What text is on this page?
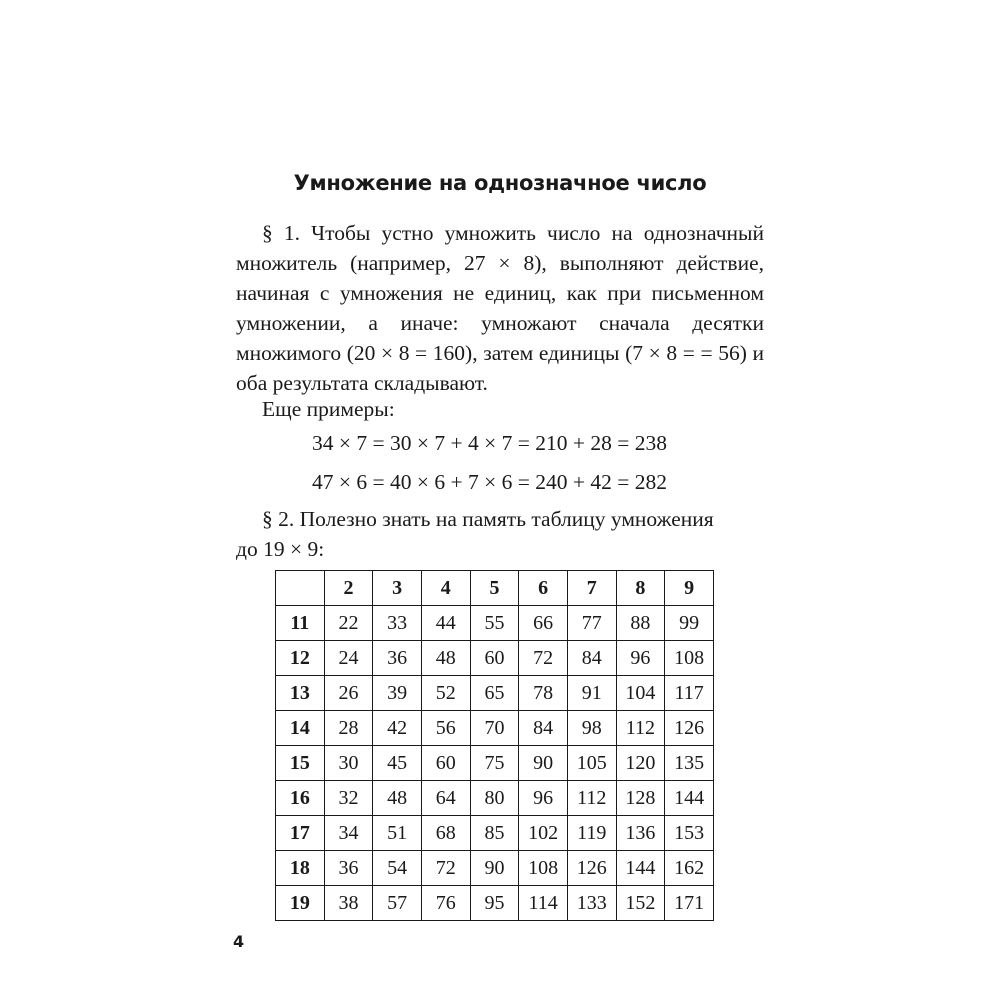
Умножение на однозначное число
§ 1. Чтобы устно умножить число на однозначный множитель (например, 27 × 8), выполняют действие, начиная с умножения не единиц, как при письменном умножении, а иначе: умножают сначала десятки множимого (20 × 8 = 160), затем единицы (7 × 8 = = 56) и оба результата складывают.
Еще примеры:
34 × 7 = 30 × 7 + 4 × 7 = 210 + 28 = 238
47 × 6 = 40 × 6 + 7 × 6 = 240 + 42 = 282
§ 2. Полезно знать на память таблицу умножения
до 19 × 9:
	2	3	4	5	6	7	8	9
11	22	33	44	55	66	77	88	99
12	24	36	48	60	72	84	96	108
13	26	39	52	65	78	91	104	117
14	28	42	56	70	84	98	112	126
15	30	45	60	75	90	105	120	135
16	32	48	64	80	96	112	128	144
17	34	51	68	85	102	119	136	153
18	36	54	72	90	108	126	144	162
19	38	57	76	95	114	133	152	171
4
